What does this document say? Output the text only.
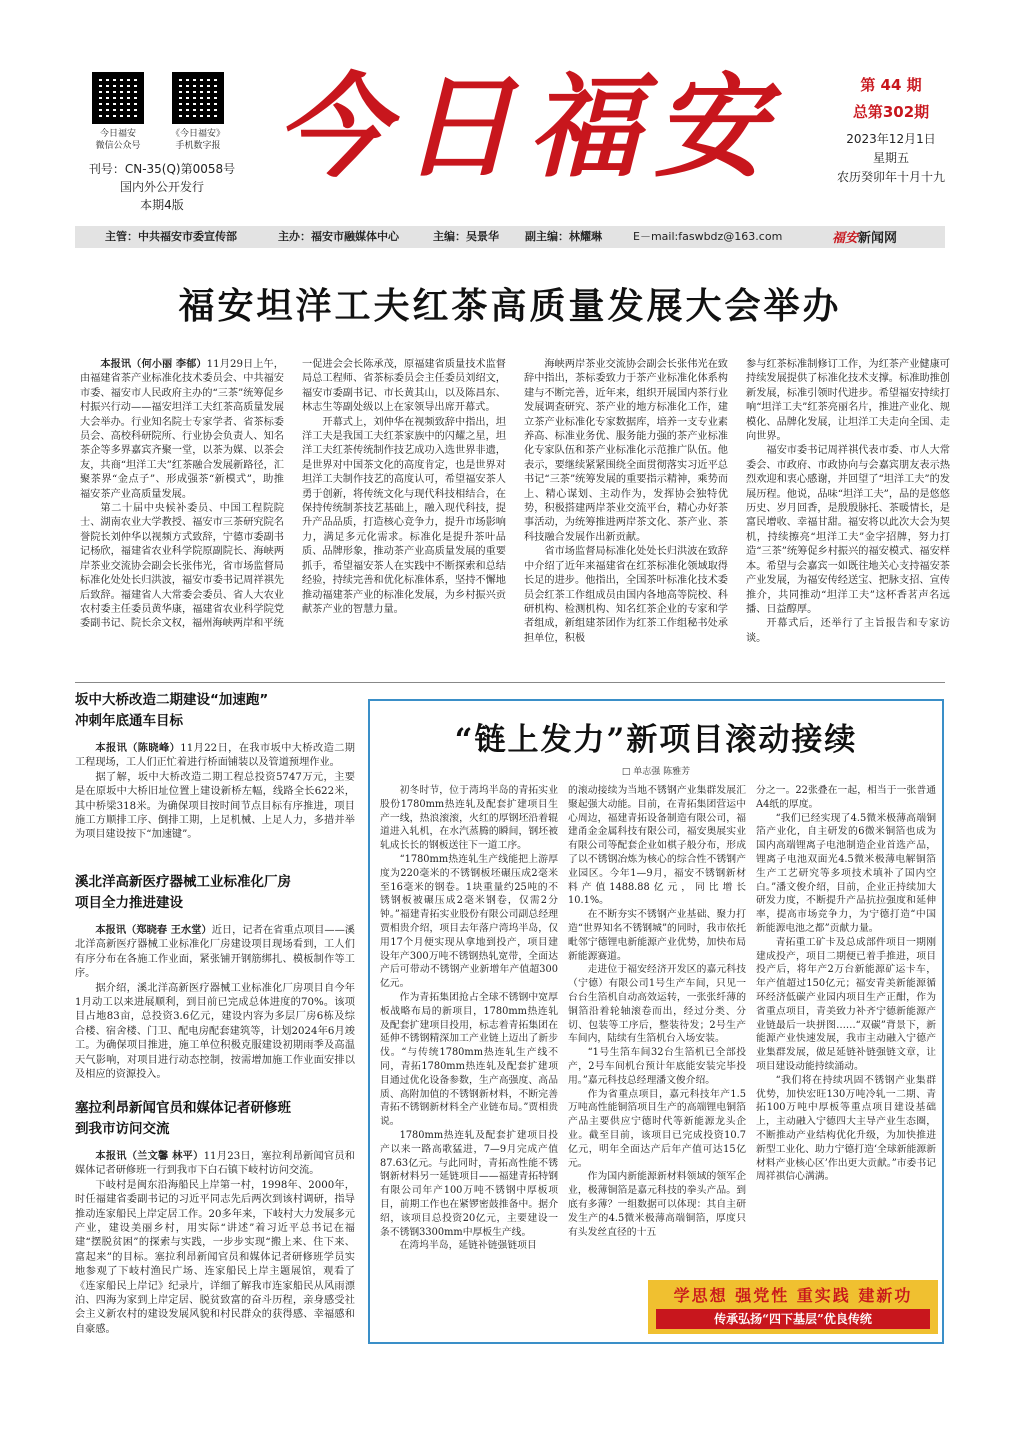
今日福安
微信公众号
《今日福安》
手机数字报
刊号：CN-35(Q)第0058号
国内外公开发行
本期4版
今日福安	第 44 期
总第302期
2023年12月1日
星期五
农历癸卯年十月十九
主管：中共福安市委宣传部	主办：福安市融媒体中心	主编：吴景华 副主编：林耀琳	E－mail:faswbdz@163.com	福安新闻网
福安坦洋工夫红茶高质量发展大会举办

本报讯（何小丽 李郁）11月29日上午，由福建省茶产业标准化技术委员会、中共福安市委、福安市人民政府主办的“三茶”统筹促乡村振兴行动——福安坦洋工夫红茶高质量发展大会举办。行业知名院士专家学者、省茶标委员会、高校科研院所、行业协会负责人、知名茶企等多界嘉宾齐聚一堂，以茶为媒、以茶会友，共商“坦洋工夫”红茶融合发展新路径，汇聚茶界“金点子”、形成强茶“新模式”，助推福安茶产业高质量发展。

第二十届中央候补委员、中国工程院院士、湖南农业大学教授、福安市三茶研究院名誉院长刘仲华以视频方式致辞，宁德市委副书记杨欣，福建省农业科学院原副院长、海峡两岸茶业交流协会副会长张伟光，省市场监督局标准化处处长归洪波，福安市委书记周祥祺先后致辞。福建省人大常委会委员、省人大农业农村委主任委员黄华康，福建省农业科学院党委副书记、院长余文权，福州海峡两岸和平统

一促进会会长陈承茂，原福建省质量技术监督局总工程师、省茶标委员会主任委员刘绍文，福安市委副书记、市长黄其山，以及陈昌东、林志生等副处级以上在家领导出席开幕式。

开幕式上，刘仲华在视频致辞中指出，坦洋工夫是我国工夫红茶家族中的闪耀之星，坦洋工夫红茶传统制作技艺成功入选世界非遗，是世界对中国茶文化的高度肯定，也是世界对坦洋工夫制作技艺的高度认可，希望福安茶人勇于创新，将传统文化与现代科技相结合，在保持传统制茶技艺基础上，融入现代科技，提升产品品质，打造核心竞争力，提升市场影响力，满足多元化需求。标准化是提升茶叶品质、品牌形象，推动茶产业高质量发展的重要抓手，希望福安茶人在实践中不断探索和总结经验，持续完善和优化标准体系，坚持不懈地推动福建茶产业的标准化发展，为乡村振兴贡献茶产业的智慧力量。

海峡两岸茶业交流协会副会长张伟光在致辞中指出，茶标委致力于茶产业标准化体系构建与不断完善，近年来，组织开展国内茶行业发展调查研究、茶产业的地方标准化工作，建立茶产业标准化专家数据库，培养一支专业素养高、标准业务优、服务能力强的茶产业标准化专家队伍和茶产业标准化示范推广队伍。他表示，要继续紧紧围绕全面贯彻落实习近平总书记“三茶”统筹发展的重要指示精神，乘势而上、精心谋划、主动作为，发挥协会独特优势，积极搭建两岸茶业交流平台，精心办好茶事活动，为统筹推进两岸茶文化、茶产业、茶科技融合发展作出新贡献。

省市场监督局标准化处处长归洪波在致辞中介绍了近年来福建省在红茶标准化领域取得长足的进步。他指出，全国茶叶标准化技术委员会红茶工作组成员由国内各地高等院校、科研机构、检测机构、知名红茶企业的专家和学者组成，新组建茶团作为红茶工作组秘书处承担单位，积极

参与红茶标准制修订工作，为红茶产业健康可持续发展提供了标准化技术支撑。标准助推创新发展，标准引领时代进步。希望福安持续打响“坦洋工夫”红茶亮丽名片，推进产业化、规模化、品牌化发展，让坦洋工夫走向全国、走向世界。

福安市委书记周祥祺代表市委、市人大常委会、市政府、市政协向与会嘉宾朋友表示热烈欢迎和衷心感谢，并回望了“坦洋工夫”的发展历程。他说，品味“坦洋工夫”，品的是悠悠历史、岁月回香，是殷殷脉托、茶暖情长，是富民增收、幸福甘甜。福安将以此次大会为契机，持续擦亮“坦洋工夫”金字招牌，努力打造“三茶”统筹促乡村振兴的福安模式、福安样本。希望与会嘉宾一如既往地关心支持福安茶产业发展，为福安传经送宝、把脉支招、宣传推介，共同推动“坦洋工夫”这杯香茗声名远播、日益醇厚。

开幕式后，还举行了主旨报告和专家访谈。

坂中大桥改造二期建设“加速跑”
冲刺年底通车目标

本报讯（陈晓峰）11月22日，在我市坂中大桥改造二期工程现场，工人们正忙着进行桥面铺装以及管道预埋作业。

据了解，坂中大桥改造二期工程总投资5747万元，主要是在原坂中大桥旧址位置上建设新桥左幅，线路全长622米，其中桥梁318米。为确保项目按时间节点目标有序推进，项目施工方顺排工序、倒排工期，上足机械、上足人力，多措并举为项目建设按下“加速键”。

溪北洋高新医疗器械工业标准化厂房
项目全力推进建设

本报讯（郑晓春 王水堂）近日，记者在省重点项目——溪北洋高新医疗器械工业标准化厂房建设项目现场看到，工人们有序分布在各施工作业面，紧张铺开钢筋绑扎、模板制作等工序。

据介绍，溪北洋高新医疗器械工业标准化厂房项目自今年1月动工以来进展顺利，到目前已完成总体进度的70%。该项目占地83亩，总投资3.6亿元，建设内容为多层厂房6栋及综合楼、宿舍楼、门卫、配电房配套建筑等，计划2024年6月竣工。为确保项目推进，施工单位积极克服建设初期雨季及高温天气影响，对项目进行动态控制，按需增加施工作业面安排以及相应的资源投入。

塞拉利昂新闻官员和媒体记者研修班
到我市访问交流

本报讯（兰文馨 林平）11月23日，塞拉利昂新闻官员和媒体记者研修班一行到我市下白石镇下岐村访问交流。

下岐村是闽东沿海船民上岸第一村，1998年、2000年，时任福建省委副书记的习近平同志先后两次到该村调研，指导推动连家船民上岸定居工作。20多年来，下岐村大力发展多元产业，建设美丽乡村，用实际“讲述”着习近平总书记在福建“摆脱贫困”的探索与实践，一步步实现“搬上来、住下来、富起来”的目标。塞拉利昂新闻官员和媒体记者研修班学员实地参观了下岐村渔民广场、连家船民上岸主题展馆，观看了《连家船民上岸记》纪录片，详细了解我市连家船民从风雨漂泊、四海为家到上岸定居、脱贫致富的奋斗历程，亲身感受社会主义新农村的建设发展风貌和村民群众的获得感、幸福感和自豪感。

“链上发力”新项目滚动接续
□ 单志强 陈雅芳

初冬时节，位于湾坞半岛的青拓实业股份1780mm热连轧及配套扩建项目生产一线，热浪滚滚，火红的厚钢坯沿着辊道进入轧机，在水汽蒸腾的瞬间，钢坯被轧成长长的钢板送往下一道工序。

“1780mm热连轧生产线能把上游厚度为220毫米的不锈钢板坯碾压成2毫米至16毫米的钢卷。1块重量约25吨的不锈钢板被碾压成2毫米钢卷，仅需2分钟。”福建青拓实业股份有限公司副总经理贾相贵介绍，项目去年落户湾坞半岛，仅用17个月便实现从拿地到投产，项目建设年产300万吨不锈钢热轧宽带，全面达产后可带动不锈钢产业新增年产值超300亿元。

作为青拓集团抢占全球不锈钢中宽厚板战略布局的新项目，1780mm热连轧及配套扩建项目投用，标志着青拓集团在延伸不锈钢精深加工产业链上迈出了新步伐。“与传统1780mm热连轧生产线不同，青拓1780mm热连轧及配套扩建项目通过优化设备参数，生产高强度、高品质、高附加值的不锈钢新材料，不断完善青拓不锈钢新材料全产业链布局。”贾相贵说。

1780mm热连轧及配套扩建项目投产以来一路高歌猛进，7—9月完成产值87.63亿元。与此同时，青拓高性能不锈钢新材料另一延链项目——福建青拓特钢有限公司年产100万吨不锈钢中厚板项目，前期工作也在紧锣密鼓推备中。据介绍，该项目总投资20亿元，主要建设一条不锈钢3300mm中厚板生产线。

在湾坞半岛，延链补链强链项目

的滚动接续为当地不锈钢产业集群发展汇聚起强大动能。目前，在青拓集团营运中心周边，福建青拓设备制造有限公司，福建甬金金属科技有限公司，福安奥展实业有限公司等配套企业如棋子般分布，形成了以不锈钢冶炼为核心的综合性不锈钢产业园区。今年1—9月，福安不锈钢新材料产值1488.88亿元，同比增长10.1%。

在不断夯实不锈钢产业基础、聚力打造“世界知名不锈钢城”的同时，我市依托毗邻宁德锂电新能源产业优势，加快布局新能源赛道。

走进位于福安经济开发区的嘉元科技（宁德）有限公司1号生产车间，只见一台台生箔机自动高效运转，一张张纤薄的铜箔沿着轮轴滚卷而出，经过分类、分切、包装等工序后，整装待发；2号生产车间内，陆续有生箔机台入场安装。

“1号生箔车间32台生箔机已全部投产，2号车间机台预计年底能安装完毕投用。”嘉元科技总经理潘文俊介绍。

作为省重点项目，嘉元科技年产1.5万吨高性能铜箔项目生产的高端锂电铜箔产品主要供应宁德时代等新能源龙头企业。截至目前，该项目已完成投资10.7亿元，明年全面达产后年产值可达15亿元。

作为国内新能源新材料领域的领军企业，极薄铜箔是嘉元科技的拳头产品。到底有多薄？一组数据可以体现：其自主研发生产的4.5微米极薄高端铜箔，厚度只有头发丝直径的十五

分之一。22张叠在一起，相当于一张普通A4纸的厚度。

“我们已经实现了4.5微米极薄高端铜箔产业化，自主研发的6微米铜箔也成为国内高端锂离子电池制造企业首选产品，锂离子电池双面光4.5微米极薄电解铜箔生产工艺研究等多项技术填补了国内空白。”潘文俊介绍，目前，企业正持续加大研发力度，不断提升产品抗拉强度和延伸率，提高市场竞争力，为宁德打造“中国新能源电池之都”贡献力量。

青拓重工矿卡及总成部件项目一期刚建成投产，项目二期便已着手推进，项目投产后，将年产2万台新能源矿运卡车，年产值超过150亿元；福安青美新能源循环经济低碳产业园内项目生产正酣，作为省重点项目，青美致力补齐宁德新能源产业链最后一块拼图……“双碳”背景下，新能源产业快速发展，我市主动融入宁德产业集群发展，做足延链补链强链文章，让项目建设动能持续涌动。

“我们将在持续巩固不锈钢产业集群优势，加快宏旺130万吨冷轧一二期、青拓100万吨中厚板等重点项目建设基础上，主动融入宁德四大主导产业生态圈，不断推动产业结构优化升级，为加快推进新型工业化、助力宁德打造‘全球新能源新材料产业核心区’作出更大贡献。”市委书记周祥祺信心满满。

学思想 强党性 重实践 建新功
传承弘扬“四下基层”优良传统
